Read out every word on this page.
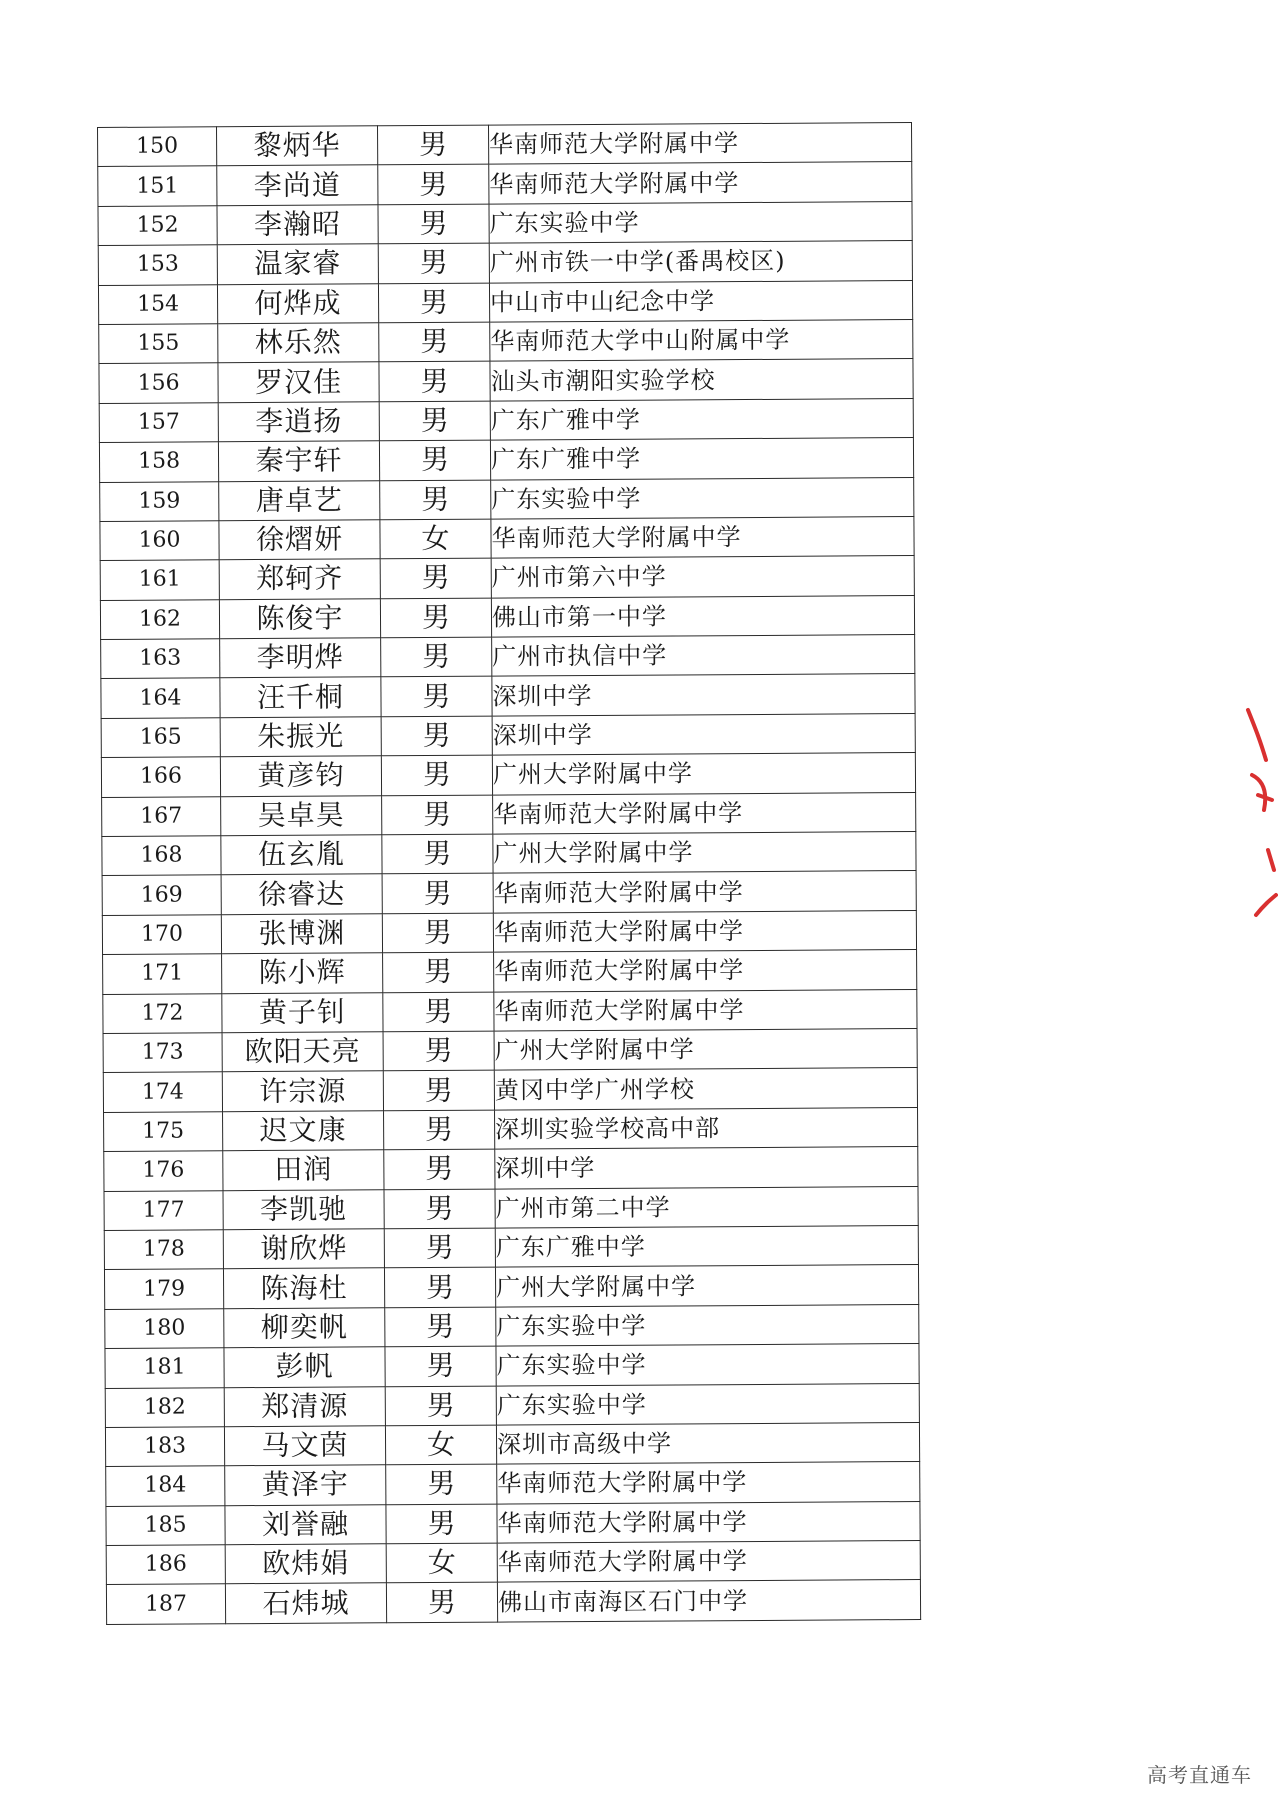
150	黎炳华	男	华南师范大学附属中学
151	李尚道	男	华南师范大学附属中学
152	李瀚昭	男	广东实验中学
153	温家睿	男	广州市铁一中学(番禺校区)
154	何烨成	男	中山市中山纪念中学
155	林乐然	男	华南师范大学中山附属中学
156	罗汉佳	男	汕头市潮阳实验学校
157	李逍扬	男	广东广雅中学
158	秦宇轩	男	广东广雅中学
159	唐卓艺	男	广东实验中学
160	徐熠妍	女	华南师范大学附属中学
161	郑轲齐	男	广州市第六中学
162	陈俊宇	男	佛山市第一中学
163	李明烨	男	广州市执信中学
164	汪千桐	男	深圳中学
165	朱振光	男	深圳中学
166	黄彦钧	男	广州大学附属中学
167	吴卓昊	男	华南师范大学附属中学
168	伍玄胤	男	广州大学附属中学
169	徐睿达	男	华南师范大学附属中学
170	张博渊	男	华南师范大学附属中学
171	陈小辉	男	华南师范大学附属中学
172	黄子钊	男	华南师范大学附属中学
173	欧阳天亮	男	广州大学附属中学
174	许宗源	男	黄冈中学广州学校
175	迟文康	男	深圳实验学校高中部
176	田润	男	深圳中学
177	李凯驰	男	广州市第二中学
178	谢欣烨	男	广东广雅中学
179	陈海杜	男	广州大学附属中学
180	柳奕帆	男	广东实验中学
181	彭帆	男	广东实验中学
182	郑清源	男	广东实验中学
183	马文茵	女	深圳市高级中学
184	黄泽宇	男	华南师范大学附属中学
185	刘誉融	男	华南师范大学附属中学
186	欧炜娟	女	华南师范大学附属中学
187	石炜城	男	佛山市南海区石门中学
高考直通车
